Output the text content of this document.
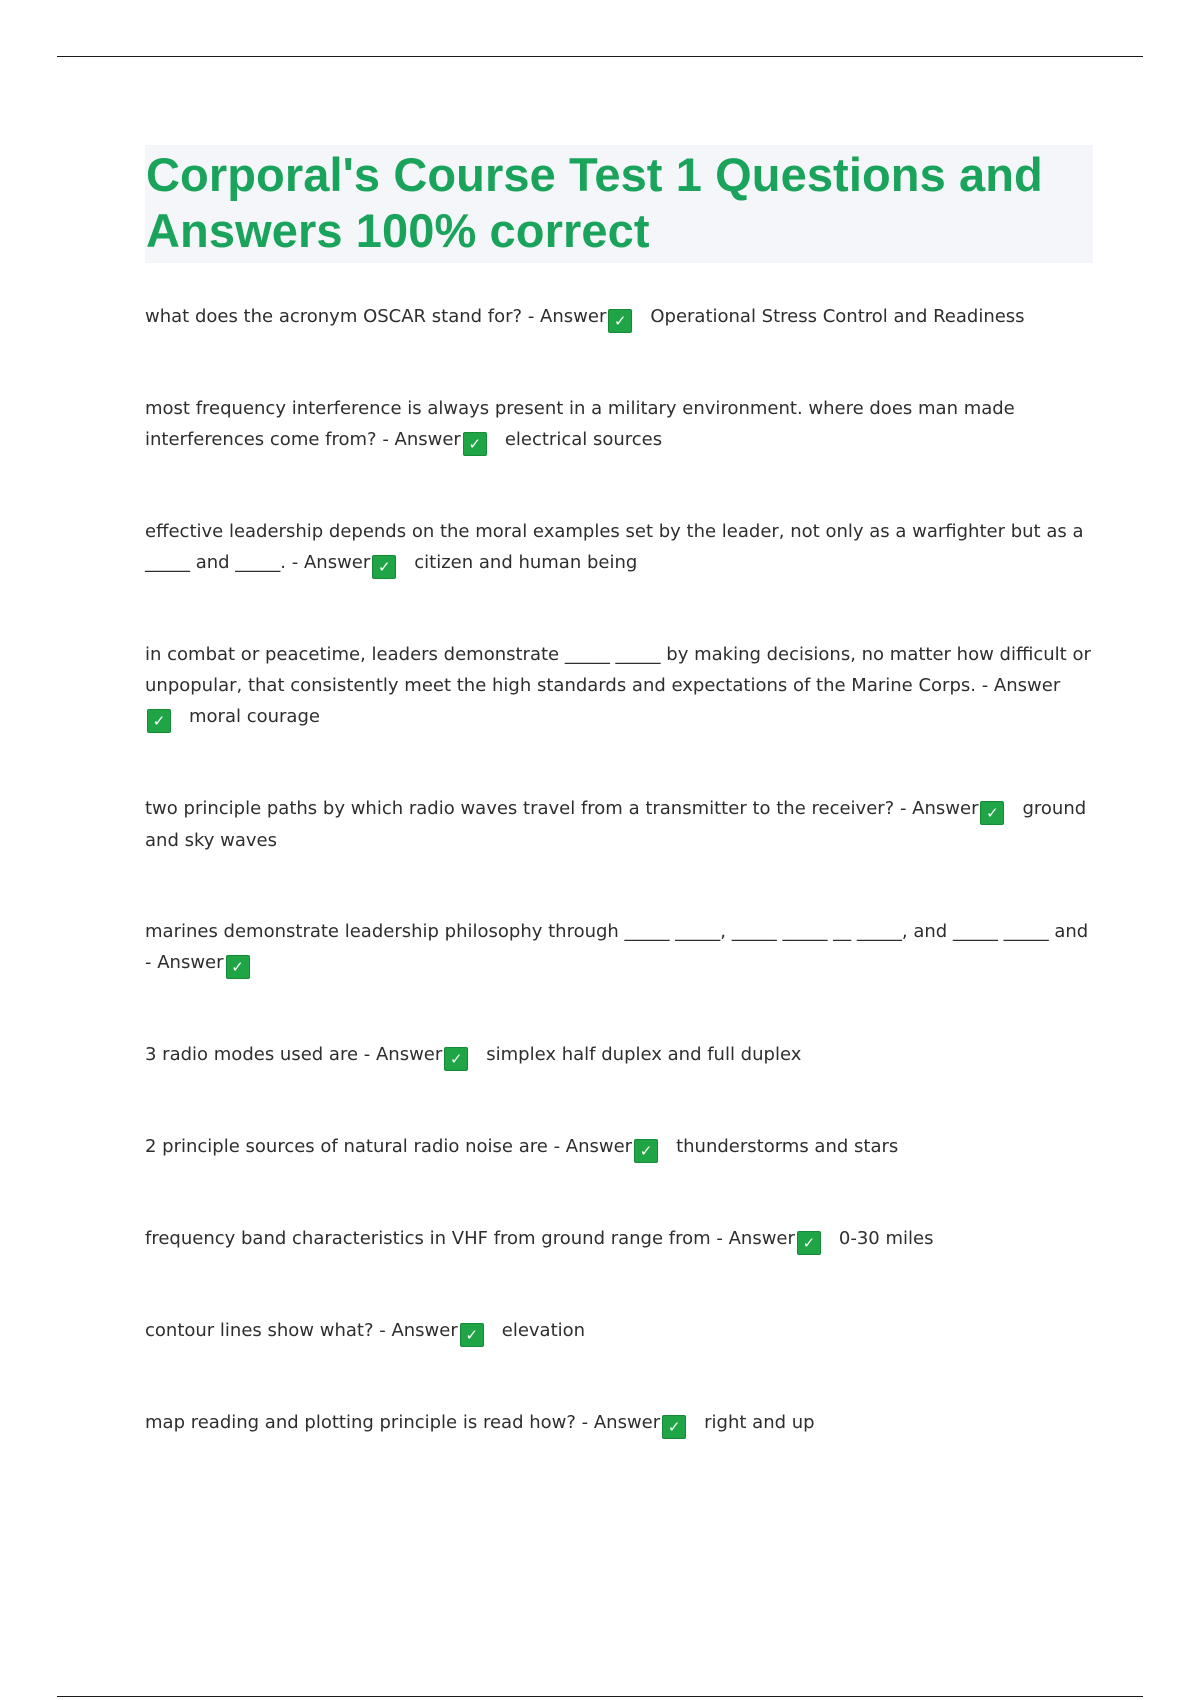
Corporal's Course Test 1 Questions and Answers 100% correct
what does the acronym OSCAR stand for? - Answer ✓ Operational Stress Control and Readiness
most frequency interference is always present in a military environment. where does man made interferences come from? - Answer ✓ electrical sources
effective leadership depends on the moral examples set by the leader, not only as a warfighter but as a _____ and _____. - Answer ✓ citizen and human being
in combat or peacetime, leaders demonstrate _____ _____ by making decisions, no matter how difficult or unpopular, that consistently meet the high standards and expectations of the Marine Corps. - Answer✓ moral courage
two principle paths by which radio waves travel from a transmitter to the receiver? - Answer ✓ ground and sky waves
marines demonstrate leadership philosophy through _____ _____, _____ _____ __ _____, and _____ _____ and - Answer ✓
3 radio modes used are - Answer ✓ simplex half duplex and full duplex
2 principle sources of natural radio noise are - Answer ✓ thunderstorms and stars
frequency band characteristics in VHF from ground range from - Answer ✓ 0-30 miles
contour lines show what? - Answer ✓ elevation
map reading and plotting principle is read how? - Answer ✓ right and up
